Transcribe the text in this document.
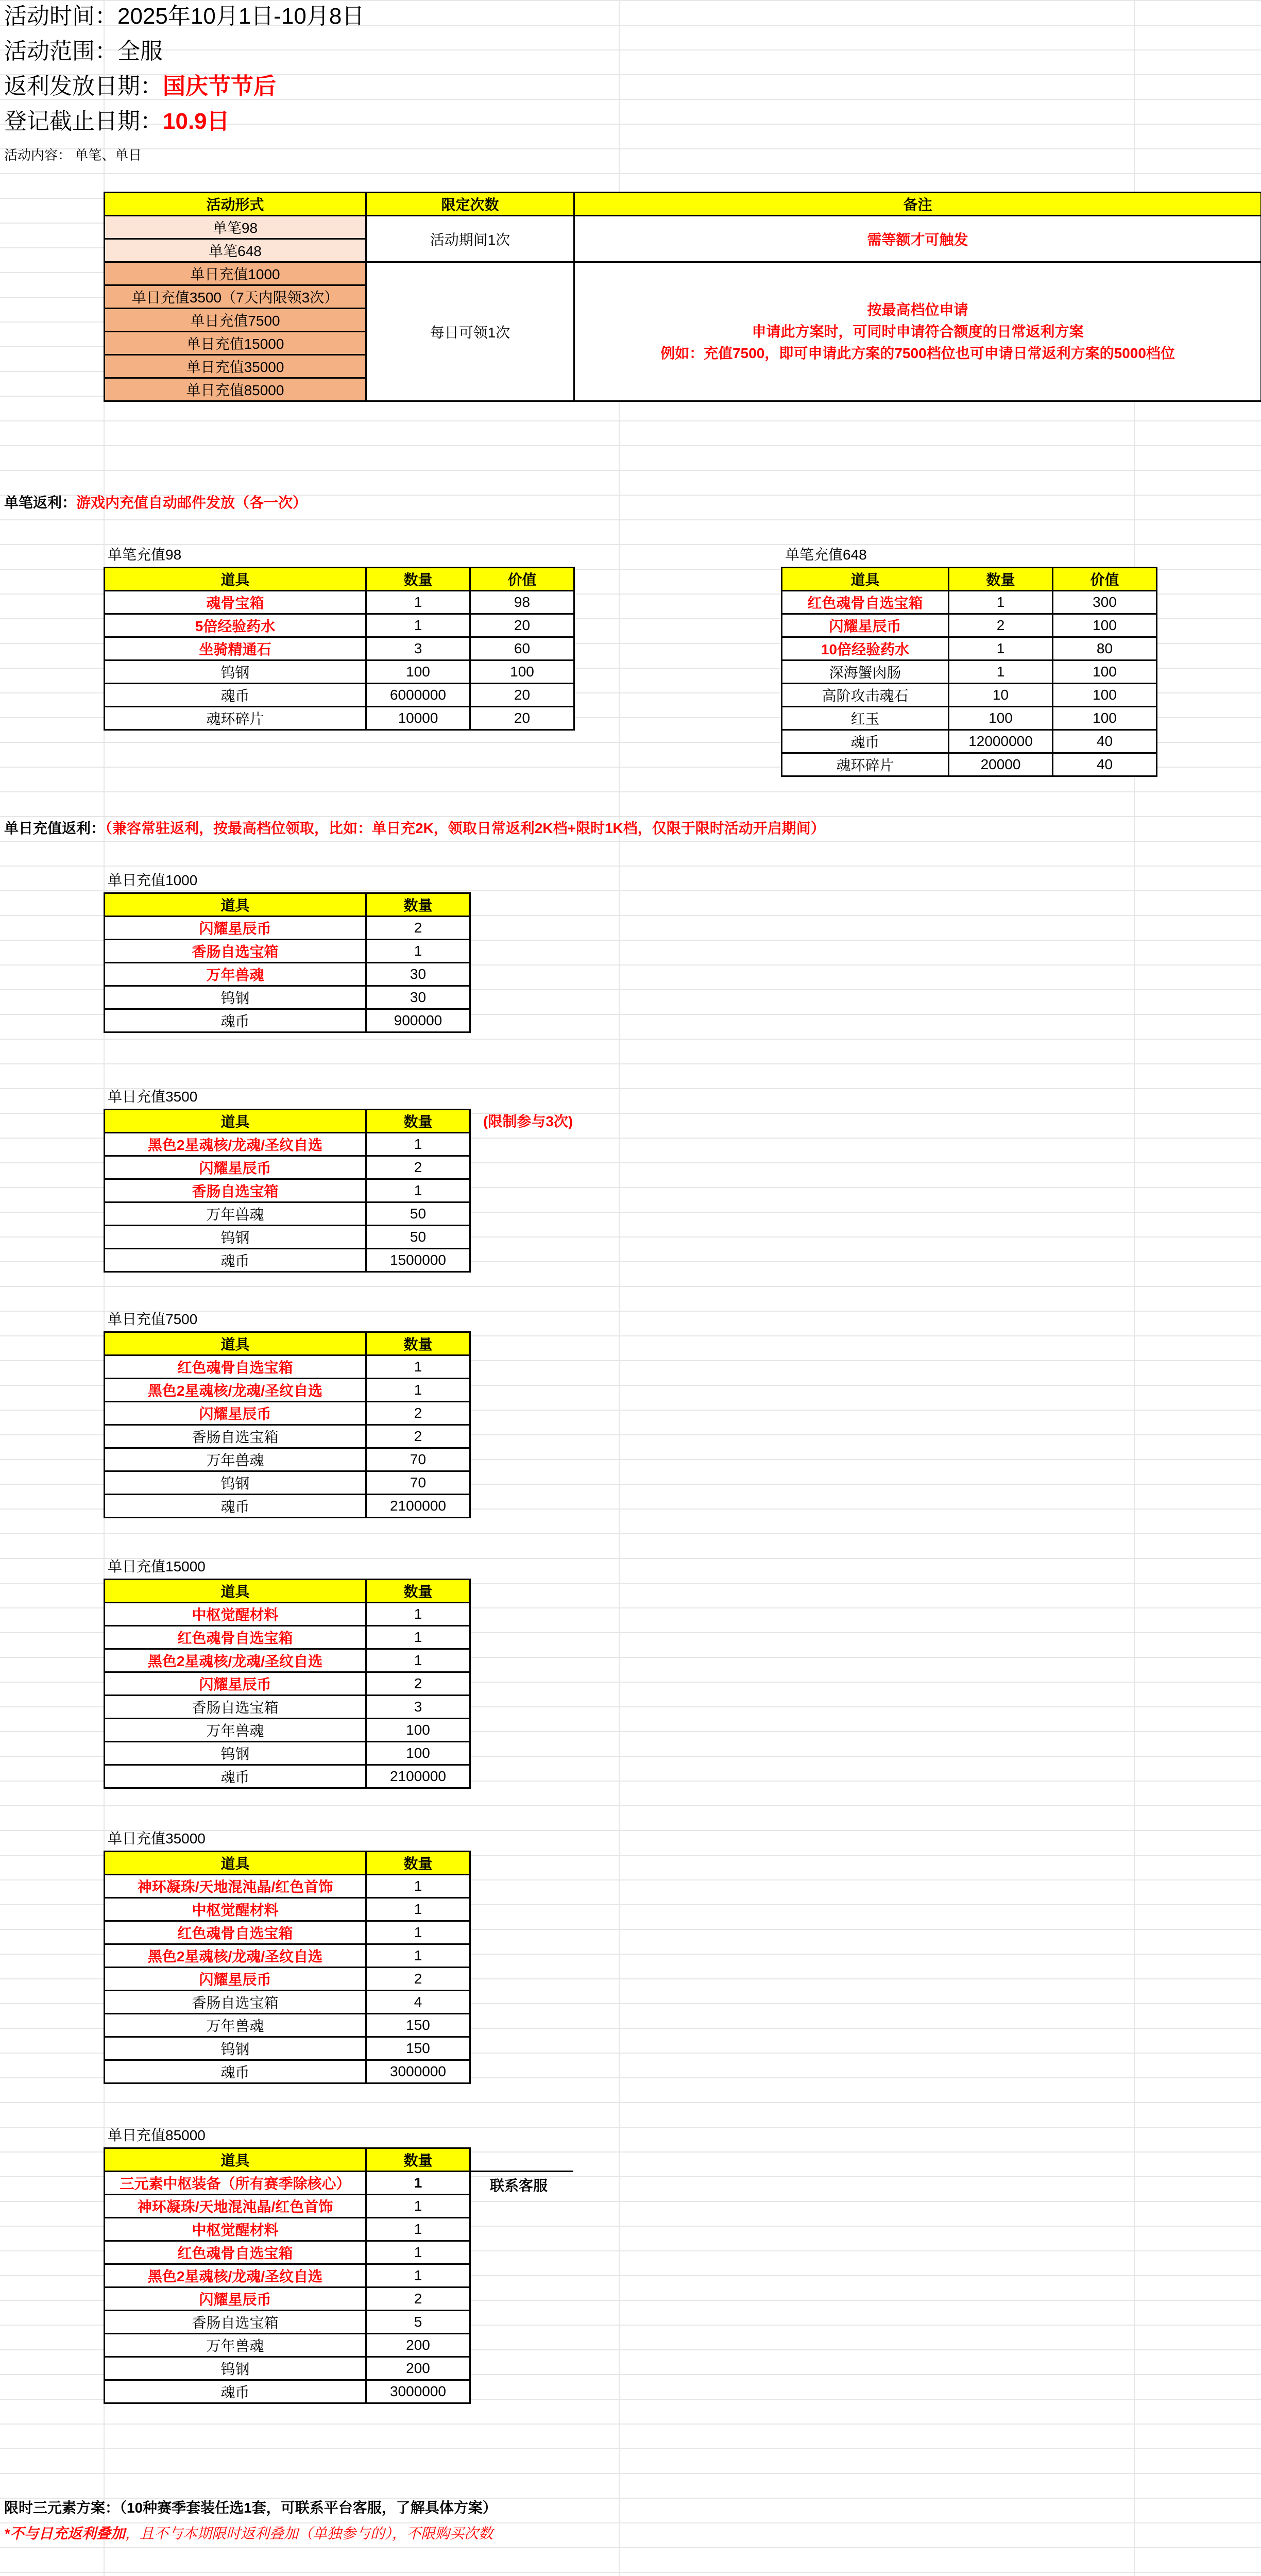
活动时间：2025年10月1日-10月8日
活动范围：全服
返利发放日期：国庆节节后
登记截止日期：10.9日
活动内容： 单笔、单日
活动形式	限定次数	备注
单笔98	活动期间1次	需等额才可触发
单笔648		
单日充值1000	每日可领1次	按最高档位申请
申请此方案时，可同时申请符合额度的日常返利方案
例如：充值7500，即可申请此方案的7500档位也可申请日常返利方案的5000档位

单日充值3500（7天内限领3次）		
单日充值7500		
单日充值15000		
单日充值35000		
单日充值85000		
单笔返利：游戏内充值自动邮件发放（各一次）
单笔充值98
道具	数量	价值
魂骨宝箱	1	98
5倍经验药水	1	20
坐骑精通石	3	60
钨钢	100	100
魂币	6000000	20
魂环碎片	10000	20
单笔充值648
道具	数量	价值
红色魂骨自选宝箱	1	300
闪耀星辰币	2	100
10倍经验药水	1	80
深海蟹肉肠	1	100
高阶攻击魂石	10	100
红玉	100	100
魂币	12000000	40
魂环碎片	20000	40
单日充值返利：（兼容常驻返利，按最高档位领取，比如：单日充2K，领取日常返利2K档+限时1K档，仅限于限时活动开启期间）
单日充值1000
道具	数量
闪耀星辰币	2
香肠自选宝箱	1
万年兽魂	30
钨钢	30
魂币	900000
单日充值3500
道具	数量
黑色2星魂核/龙魂/圣纹自选	1
闪耀星辰币	2
香肠自选宝箱	1
万年兽魂	50
钨钢	50
魂币	1500000
(限制参与3次)
单日充值7500
道具	数量
红色魂骨自选宝箱	1
黑色2星魂核/龙魂/圣纹自选	1
闪耀星辰币	2
香肠自选宝箱	2
万年兽魂	70
钨钢	70
魂币	2100000
单日充值15000
道具	数量
中枢觉醒材料	1
红色魂骨自选宝箱	1
黑色2星魂核/龙魂/圣纹自选	1
闪耀星辰币	2
香肠自选宝箱	3
万年兽魂	100
钨钢	100
魂币	2100000
单日充值35000
道具	数量
神环凝珠/天地混沌晶/红色首饰	1
中枢觉醒材料	1
红色魂骨自选宝箱	1
黑色2星魂核/龙魂/圣纹自选	1
闪耀星辰币	2
香肠自选宝箱	4
万年兽魂	150
钨钢	150
魂币	3000000
单日充值85000
道具	数量
三元素中枢装备（所有赛季除核心）	1
神环凝珠/天地混沌晶/红色首饰	1
中枢觉醒材料	1
红色魂骨自选宝箱	1
黑色2星魂核/龙魂/圣纹自选	1
闪耀星辰币	2
香肠自选宝箱	5
万年兽魂	200
钨钢	200
魂币	3000000
联系客服
限时三元素方案：（10种赛季套装任选1套，可联系平台客服，了解具体方案）
*不与日充返利叠加，且不与本期限时返利叠加（单独参与的），不限购买次数
